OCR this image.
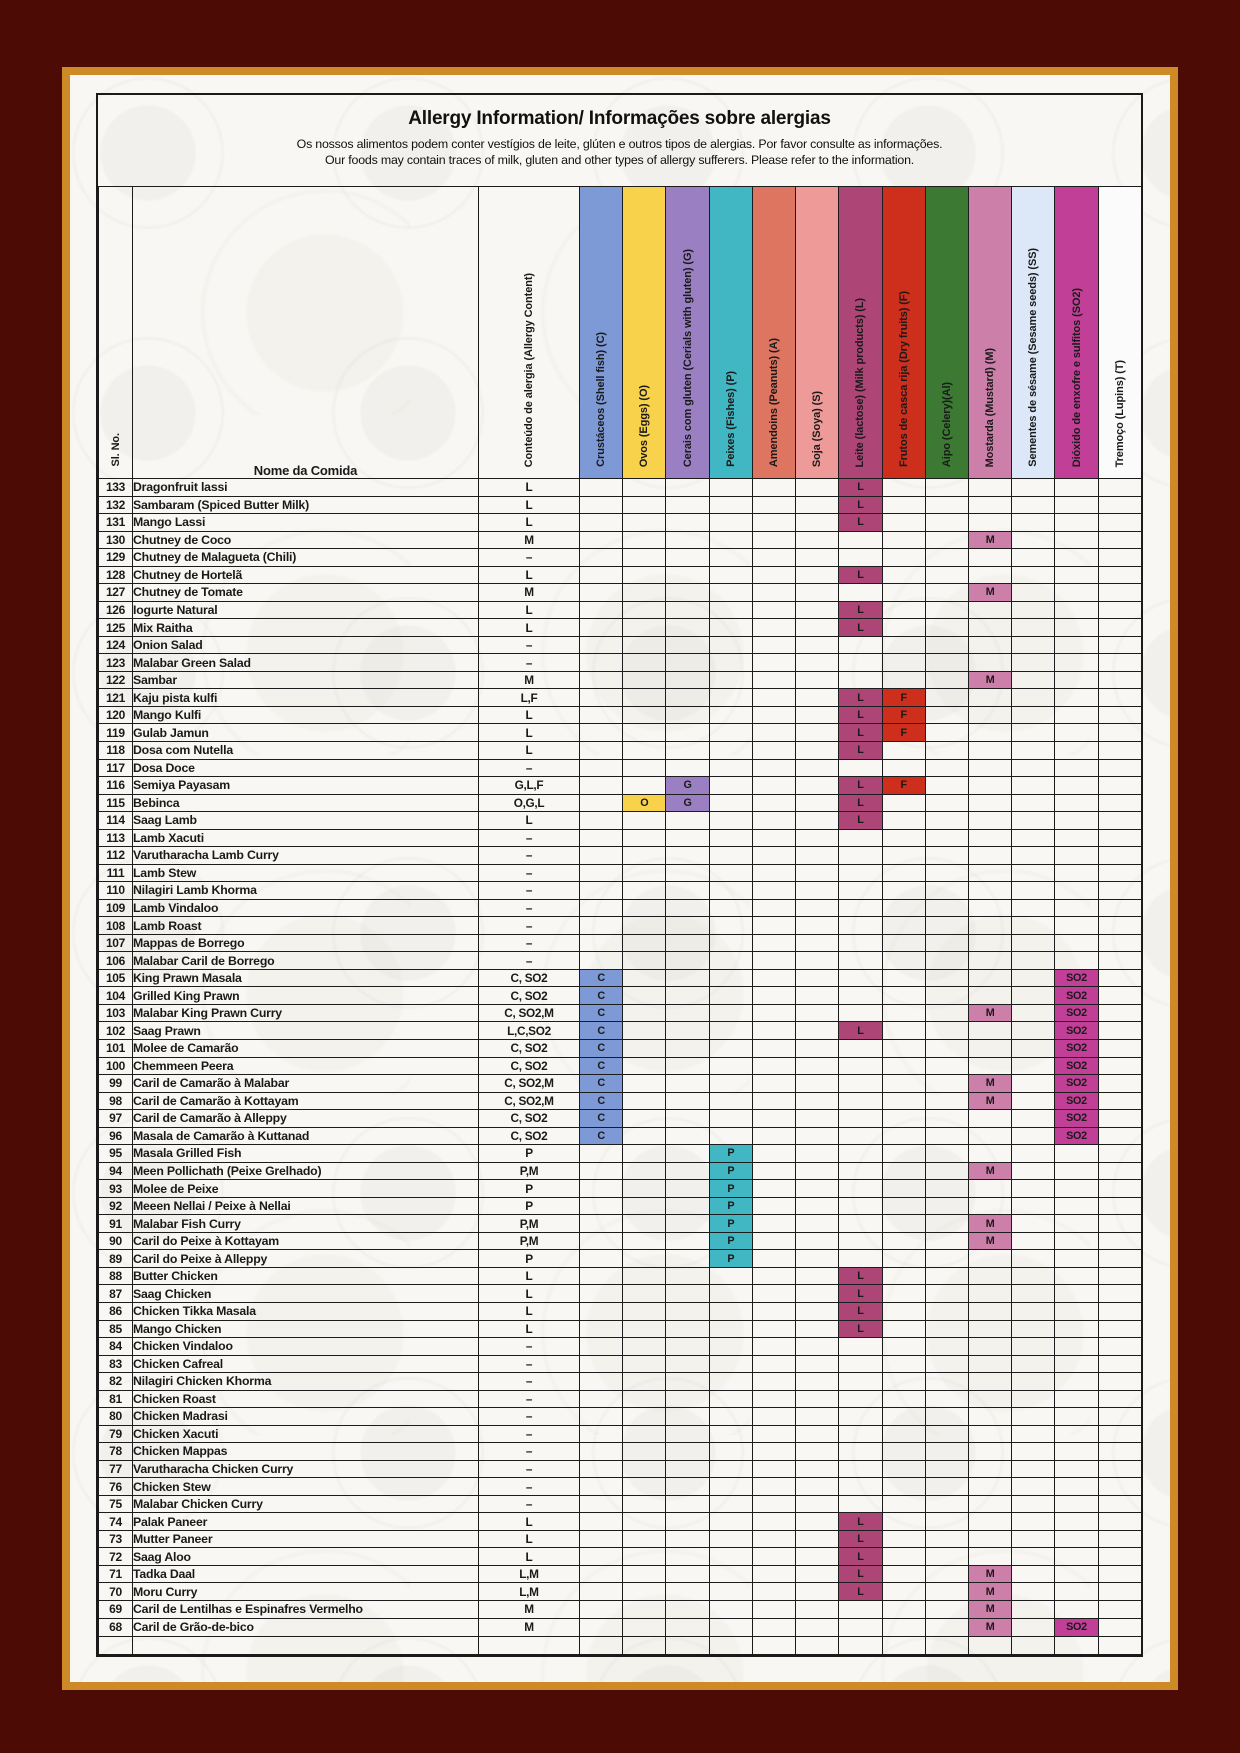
Allergy Information/ Informações sobre alergias
Os nossos alimentos podem conter vestígios de leite, glúten e outros tipos de alergias. Por favor consulte as informações.
Our foods may contain traces of milk, gluten and other types of allergy sufferers. Please refer to the information.
Sl. No.	Nome da Comida	Conteúdo de alergia (Allergy Content)	Crustáceos (Shell fish) (C)	Ovos (Eggs) (O)	Cerais com gluten (Cerials with gluten) (G)	Peixes (Fishes) (P)	Amendoins (Peanuts) (A)	Soja (Soya) (S)	Leite (lactose) (Milk products) (L)	Frutos de casca rija (Dry fruits) (F)	Aipo (Celery)(Al)	Mostarda (Mustard) (M)	Sementes de sésame (Sesame seeds) (SS)	Dióxido de enxofre e sulfitos (SO2)	Tremoço (Lupins) (T)
133	Dragonfruit lassi	L							L						
132	Sambaram (Spiced Butter Milk)	L							L						
131	Mango Lassi	L							L						
130	Chutney de Coco	M										M			
129	Chutney de Malagueta (Chili)	–													
128	Chutney de Hortelã	L							L						
127	Chutney de Tomate	M										M			
126	Iogurte Natural	L							L						
125	Mix Raitha	L							L						
124	Onion Salad	–													
123	Malabar Green Salad	–													
122	Sambar	M										M			
121	Kaju pista kulfi	L,F							L	F					
120	Mango Kulfi	L							L	F					
119	Gulab Jamun	L							L	F					
118	Dosa com Nutella	L							L						
117	Dosa Doce	–													
116	Semiya Payasam	G,L,F			G				L	F					
115	Bebinca	O,G,L		O	G				L						
114	Saag Lamb	L							L						
113	Lamb Xacuti	–													
112	Varutharacha Lamb Curry	–													
111	Lamb Stew	–													
110	Nilagiri Lamb Khorma	–													
109	Lamb Vindaloo	–													
108	Lamb Roast	–													
107	Mappas de Borrego	–													
106	Malabar Caril de Borrego	–													
105	King Prawn Masala	C, SO2	C											SO2	
104	Grilled King Prawn	C, SO2	C											SO2	
103	Malabar King Prawn Curry	C, SO2,M	C									M		SO2	
102	Saag Prawn	L,C,SO2	C						L					SO2	
101	Molee de Camarão	C, SO2	C											SO2	
100	Chemmeen Peera	C, SO2	C											SO2	
99	Caril de Camarão à Malabar	C, SO2,M	C									M		SO2	
98	Caril de Camarão à Kottayam	C, SO2,M	C									M		SO2	
97	Caril de Camarão à Alleppy	C, SO2	C											SO2	
96	Masala de Camarão à Kuttanad	C, SO2	C											SO2	
95	Masala Grilled Fish	P				P									
94	Meen Pollichath (Peixe Grelhado)	P,M				P						M			
93	Molee de Peixe	P				P									
92	Meeen Nellai / Peixe à Nellai	P				P									
91	Malabar Fish Curry	P,M				P						M			
90	Caril do Peixe à Kottayam	P,M				P						M			
89	Caril do Peixe à Alleppy	P				P									
88	Butter Chicken	L							L						
87	Saag Chicken	L							L						
86	Chicken Tikka Masala	L							L						
85	Mango Chicken	L							L						
84	Chicken Vindaloo	–													
83	Chicken Cafreal	–													
82	Nilagiri Chicken Khorma	–													
81	Chicken Roast	–													
80	Chicken Madrasi	–													
79	Chicken Xacuti	–													
78	Chicken Mappas	–													
77	Varutharacha Chicken Curry	–													
76	Chicken Stew	–													
75	Malabar Chicken Curry	–													
74	Palak Paneer	L							L						
73	Mutter Paneer	L							L						
72	Saag Aloo	L							L						
71	Tadka Daal	L,M							L			M			
70	Moru Curry	L,M							L			M			
69	Caril de Lentilhas e Espinafres Vermelho	M										M			
68	Caril de Grão-de-bico	M										M		SO2	
